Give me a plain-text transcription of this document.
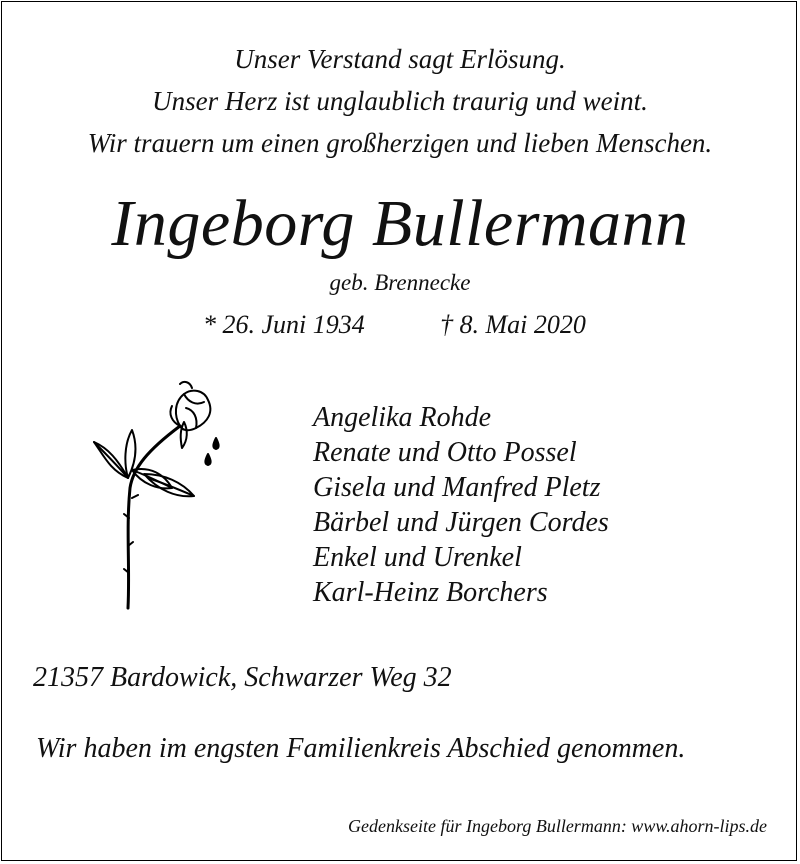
Unser Verstand sagt Erlösung.
Unser Herz ist unglaublich traurig und weint.
Wir trauern um einen großherzigen und lieben Menschen.
Ingeborg Bullermann
geb. Brennecke
* 26. Juni 1934	† 8. Mai 2020
Angelika Rohde
Renate und Otto Possel
Gisela und Manfred Pletz
Bärbel und Jürgen Cordes
Enkel und Urenkel
Karl-Heinz Borchers
21357 Bardowick, Schwarzer Weg 32
Wir haben im engsten Familienkreis Abschied genommen.
Gedenkseite für Ingeborg Bullermann: www.ahorn-lips.de
